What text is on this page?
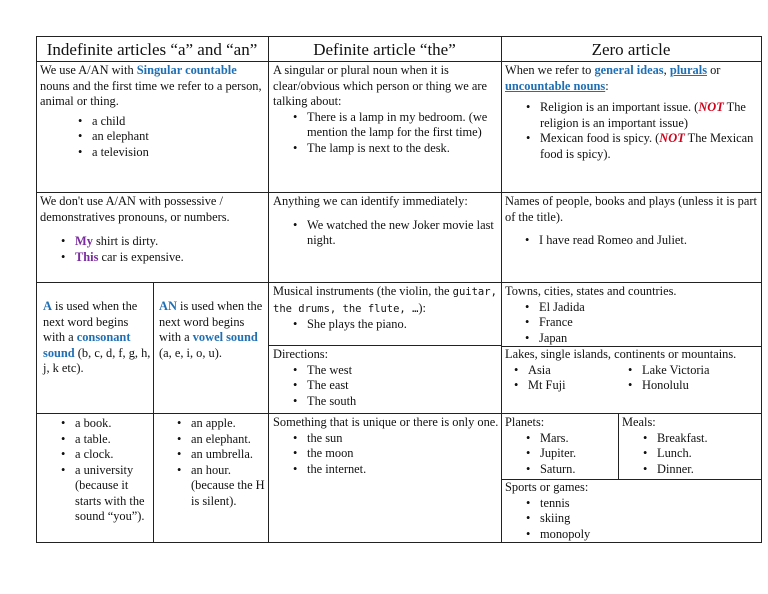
Indefinite articles “a” and “an”	Definite article “the”	Zero article

We use A/AN with Singular countable nouns and the first time we refer to a person, animal or thing.

• a child
• an elephant
• a television

A singular or plural noun when it is clear/obvious which person or thing we are talking about:

• There is a lamp in my bedroom. (we mention the lamp for the first time)
• The lamp is next to the desk.

When we refer to general ideas, plurals or uncountable nouns:

• Religion is an important issue. (NOT The religion is an important issue)
• Mexican food is spicy. (NOT The Mexican food is spicy).

We don't use A/AN with possessive / demonstratives pronouns, or numbers.

• My shirt is dirty.
• This car is expensive.

Anything we can identify immediately:

• We watched the new Joker movie last night.

Names of people, books and plays (unless it is part of the title).

• I have read Romeo and Juliet.

A is used when the next word begins with a consonant sound (b, c, d, f, g, h, j, k etc).

AN is used when the next word begins with a vowel sound (a, e, i, o, u).

Musical instruments (the violin, the guitar, the drums, the flute, …):

• She plays the piano.

Directions:

• The west
• The east
• The south

Towns, cities, states and countries.

• El Jadida
• France
• Japan

Lakes, single islands, continents or mountains.

• Asia
• Mt Fuji
• Lake Victoria
• Honolulu
• a book.
• a table.
• a clock.
• a university (because it starts with the sound “you”).
• an apple.
• an elephant.
• an umbrella.
• an hour. (because the H is silent).

Something that is unique or there is only one.

• the sun
• the moon
• the internet.

Planets:

• Mars.
• Jupiter.
• Saturn.

Meals:

• Breakfast.
• Lunch.
• Dinner.

Sports or games:

• tennis
• skiing
• monopoly
